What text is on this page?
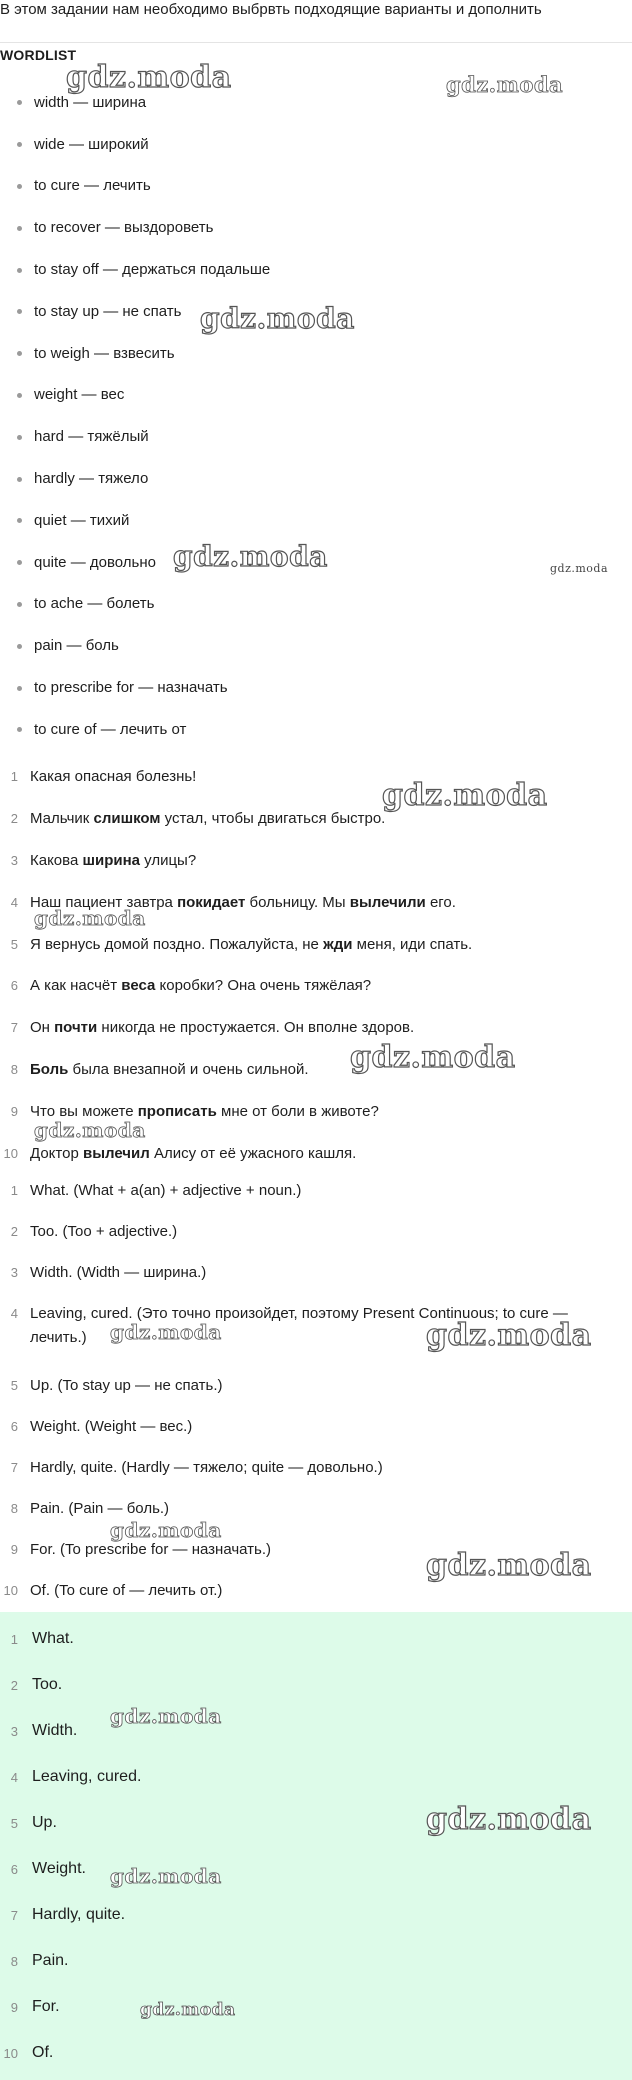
В этом задании нам необходимо выбрвть подходящие варианты и дополнить
WORDLIST
width — ширина
wide — широкий
to cure — лечить
to recover — выздороветь
to stay off — держаться подальше
to stay up — не спать
to weigh — взвесить
weight — вес
hard — тяжёлый
hardly — тяжело
quiet — тихий
quite — довольно
to ache — болеть
pain — боль
to prescribe for — назначать
to cure of — лечить от
1 Какая опасная болезнь!
2 Мальчик
слишком
устал, чтобы двигаться быстро.
3 Какова
ширина
улицы?
4 Наш пациент завтра
покидает
больницу. Мы
вылечили
его.
5 Я вернусь домой поздно. Пожалуйста, не
жди
меня, иди спать.
6 А как насчёт
веса
коробки? Она очень тяжёлая?
7 Он
почти
никогда не простужается. Он вполне здоров.
8 Боль
была внезапной и очень сильной.
9 Что вы можете
прописать
мне от боли в животе?
10 Доктор
вылечил
Алису от её ужасного кашля.
1 What. (What + a(an) + adjective + noun.)
2 Too. (Too + adjective.)
3 Width. (Width — ширина.)
4 Leaving, cured. (Это точно произойдет, поэтому Present Continuous; to cure — лечить.)
5 Up. (To stay up — не спать.)
6 Weight. (Weight — вес.)
7 Hardly, quite. (Hardly — тяжело; quite — довольно.)
8 Pain. (Pain — боль.)
9 For. (To prescribe for — назначать.)
10 Of. (To cure of — лечить от.)
1 What.
2 Too.
3 Width.
4 Leaving, cured.
5 Up.
6 Weight.
7 Hardly, quite.
8 Pain.
9 For.
10 Of.
gdz.moda	gdz.moda
gdz.moda
gdz.moda	gdz.moda
gdz.moda
gdz.moda
gdz.moda
gdz.moda
gdz.moda	gdz.moda
gdz.moda
gdz.moda
gdz.moda
gdz.moda
gdz.moda
gdz.moda
